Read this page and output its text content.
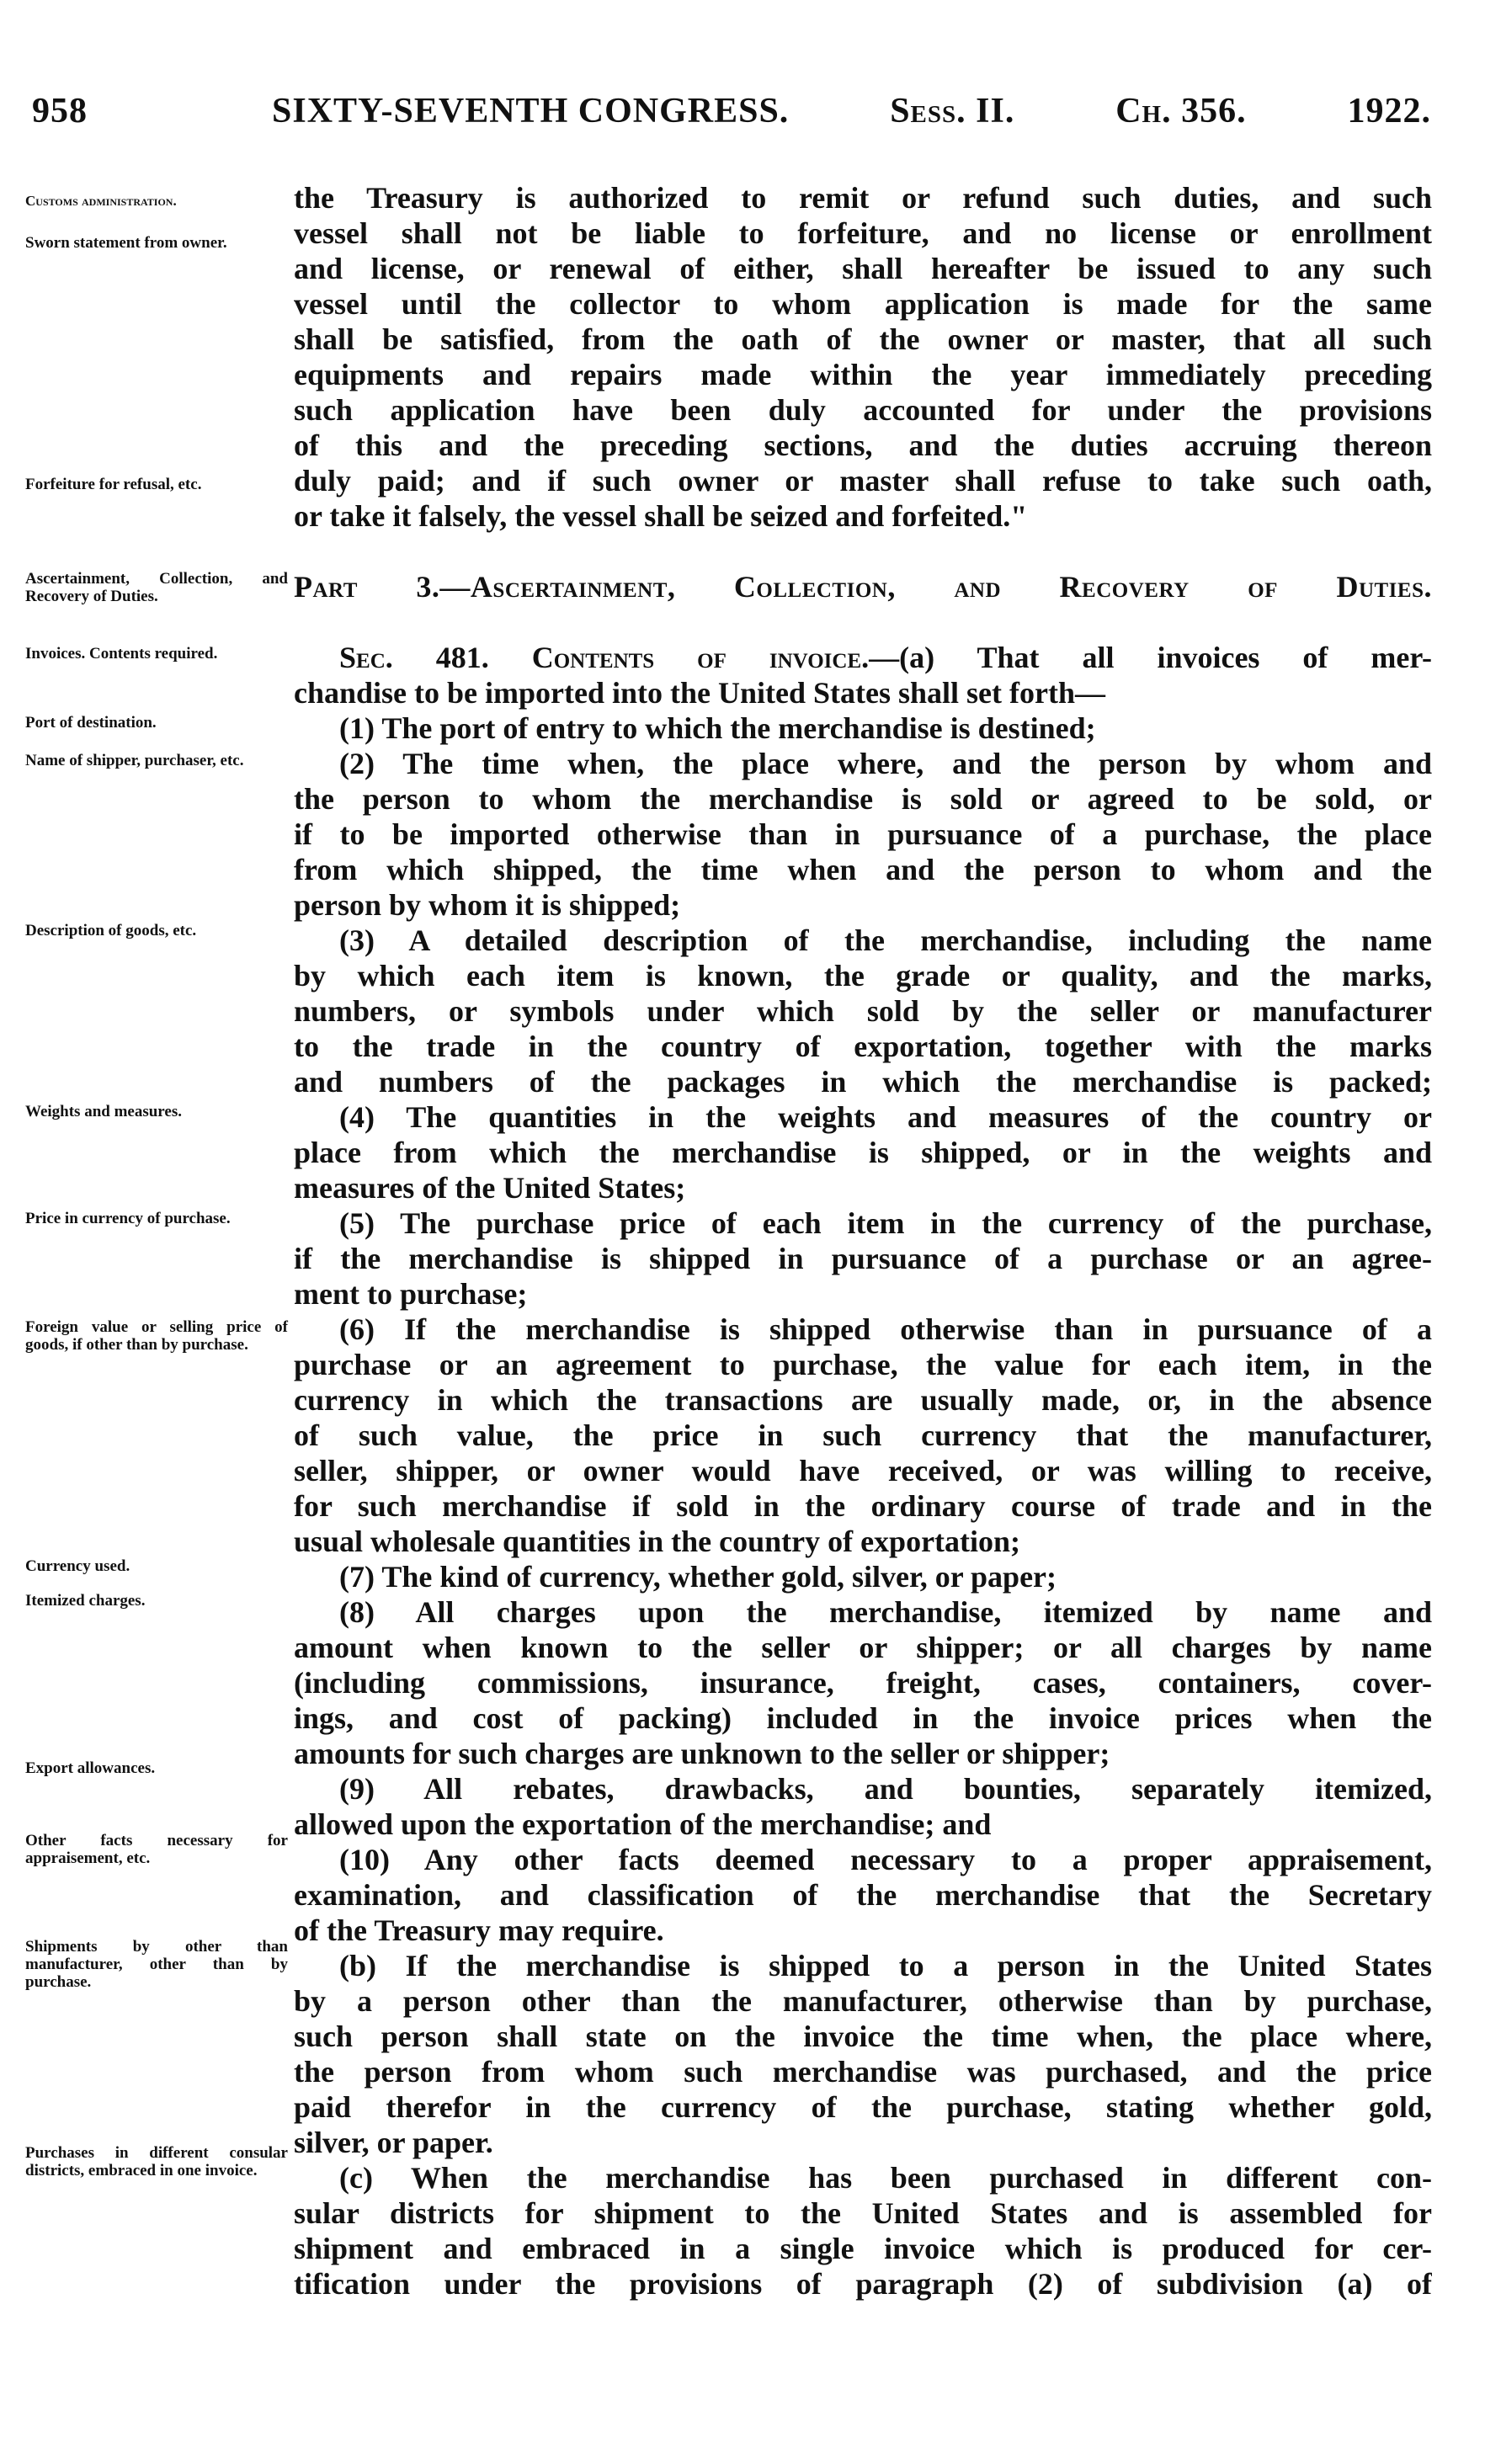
958	SIXTY-SEVENTH CONGRESS.	Sess. II.	Ch. 356.	1922.
the Treasury is authorized to remit or refund such duties, and such
vessel shall not be liable to forfeiture, and no license or enrollment
and license, or renewal of either, shall hereafter be issued to any such
vessel until the collector to whom application is made for the same
shall be satisfied, from the oath of the owner or master, that all such
equipments and repairs made within the year immediately preceding
such application have been duly accounted for under the provisions
of this and the preceding sections, and the duties accruing thereon
duly paid; and if such owner or master shall refuse to take such oath,
or take it falsely, the vessel shall be seized and forfeited."
Part 3.—Ascertainment, Collection, and Recovery of Duties.
Sec. 481. Contents of invoice.—(a) That all invoices of mer-
chandise to be imported into the United States shall set forth—
(1) The port of entry to which the merchandise is destined;
(2) The time when, the place where, and the person by whom and
the person to whom the merchandise is sold or agreed to be sold, or
if to be imported otherwise than in pursuance of a purchase, the place
from which shipped, the time when and the person to whom and the
person by whom it is shipped;
(3) A detailed description of the merchandise, including the name
by which each item is known, the grade or quality, and the marks,
numbers, or symbols under which sold by the seller or manufacturer
to the trade in the country of exportation, together with the marks
and numbers of the packages in which the merchandise is packed;
(4) The quantities in the weights and measures of the country or
place from which the merchandise is shipped, or in the weights and
measures of the United States;
(5) The purchase price of each item in the currency of the purchase,
if the merchandise is shipped in pursuance of a purchase or an agree-
ment to purchase;
(6) If the merchandise is shipped otherwise than in pursuance of a
purchase or an agreement to purchase, the value for each item, in the
currency in which the transactions are usually made, or, in the absence
of such value, the price in such currency that the manufacturer,
seller, shipper, or owner would have received, or was willing to receive,
for such merchandise if sold in the ordinary course of trade and in the
usual wholesale quantities in the country of exportation;
(7) The kind of currency, whether gold, silver, or paper;
(8) All charges upon the merchandise, itemized by name and
amount when known to the seller or shipper; or all charges by name
(including commissions, insurance, freight, cases, containers, cover-
ings, and cost of packing) included in the invoice prices when the
amounts for such charges are unknown to the seller or shipper;
(9) All rebates, drawbacks, and bounties, separately itemized,
allowed upon the exportation of the merchandise; and
(10) Any other facts deemed necessary to a proper appraisement,
examination, and classification of the merchandise that the Secretary
of the Treasury may require.
(b) If the merchandise is shipped to a person in the United States
by a person other than the manufacturer, otherwise than by purchase,
such person shall state on the invoice the time when, the place where,
the person from whom such merchandise was purchased, and the price
paid therefor in the currency of the purchase, stating whether gold,
silver, or paper.
(c) When the merchandise has been purchased in different con-
sular districts for shipment to the United States and is assembled for
shipment and embraced in a single invoice which is produced for cer-
tification under the provisions of paragraph (2) of subdivision (a) of
Customs administration.
Sworn statement from owner.
Forfeiture for refusal, etc.
Ascertainment, Collection, and Recovery of Duties.
Invoices. Contents required.
Port of destination.
Name of shipper, purchaser, etc.
Description of goods, etc.
Weights and measures.
Price in currency of purchase.
Foreign value or selling price of goods, if other than by purchase.
Currency used.
Itemized charges.
Export allowances.
Other facts necessary for appraisement, etc.
Shipments by other than manufacturer, other than by purchase.
Purchases in different consular districts, embraced in one invoice.
